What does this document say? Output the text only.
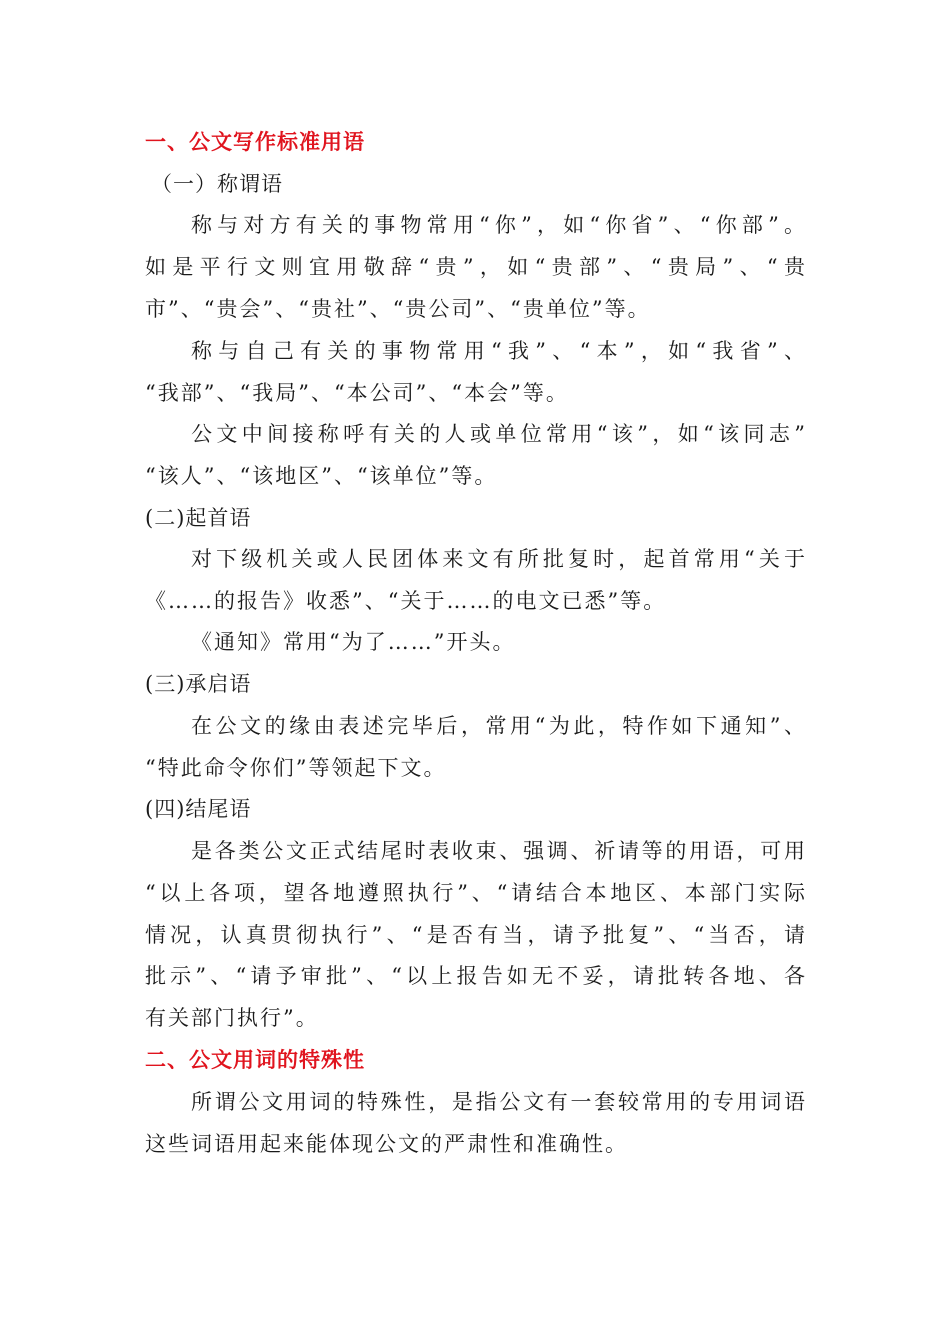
一、公文写作标准用语
（一）称谓语
称与对方有关的事物常用“你”，如“你省”、“你部”。
如是平行文则宜用敬辞“贵”，如“贵部”、“贵局”、“贵
市”、“贵会”、“贵社”、“贵公司”、“贵单位”等。
称与自己有关的事物常用“我”、“本”，如“我省”、
“我部”、“我局”、“本公司”、“本会”等。
公文中间接称呼有关的人或单位常用“该”，如“该同志”
“该人”、“该地区”、“该单位”等。
(二)起首语
对下级机关或人民团体来文有所批复时，起首常用“关于
《……的报告》收悉”、“关于……的电文已悉”等。
《通知》常用“为了……”开头。
(三)承启语
在公文的缘由表述完毕后，常用“为此，特作如下通知”、
“特此命令你们”等领起下文。
(四)结尾语
是各类公文正式结尾时表收束、强调、祈请等的用语，可用
“以上各项，望各地遵照执行”、“请结合本地区、本部门实际
情况，认真贯彻执行”、“是否有当，请予批复”、“当否，请
批示”、“请予审批”、“以上报告如无不妥，请批转各地、各
有关部门执行”。
二、公文用词的特殊性
所谓公文用词的特殊性，是指公文有一套较常用的专用词语
这些词语用起来能体现公文的严肃性和准确性。
